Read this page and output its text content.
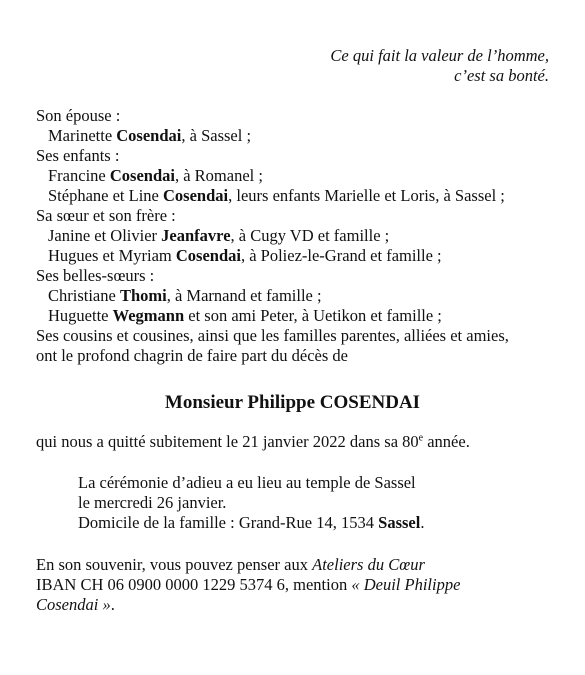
Ce qui fait la valeur de l’homme,
c’est sa bonté.
Son épouse :
Marinette Cosendai, à Sassel ;
Ses enfants :
Francine Cosendai, à Romanel ;
Stéphane et Line Cosendai, leurs enfants Marielle et Loris, à Sassel ;
Sa sœur et son frère :
Janine et Olivier Jeanfavre, à Cugy VD et famille ;
Hugues et Myriam Cosendai, à Poliez-le-Grand et famille ;
Ses belles-sœurs :
Christiane Thomi, à Marnand et famille ;
Huguette Wegmann et son ami Peter, à Uetikon et famille ;
Ses cousins et cousines, ainsi que les familles parentes, alliées et amies,
ont le profond chagrin de faire part du décès de
Monsieur Philippe COSENDAI
qui nous a quitté subitement le 21 janvier 2022 dans sa 80e année.
La cérémonie d’adieu a eu lieu au temple de Sassel
le mercredi 26 janvier.
Domicile de la famille : Grand-Rue 14, 1534 Sassel.
En son souvenir, vous pouvez penser aux Ateliers du Cœur
IBAN CH 06 0900 0000 1229 5374 6, mention « Deuil Philippe
Cosendai ».
